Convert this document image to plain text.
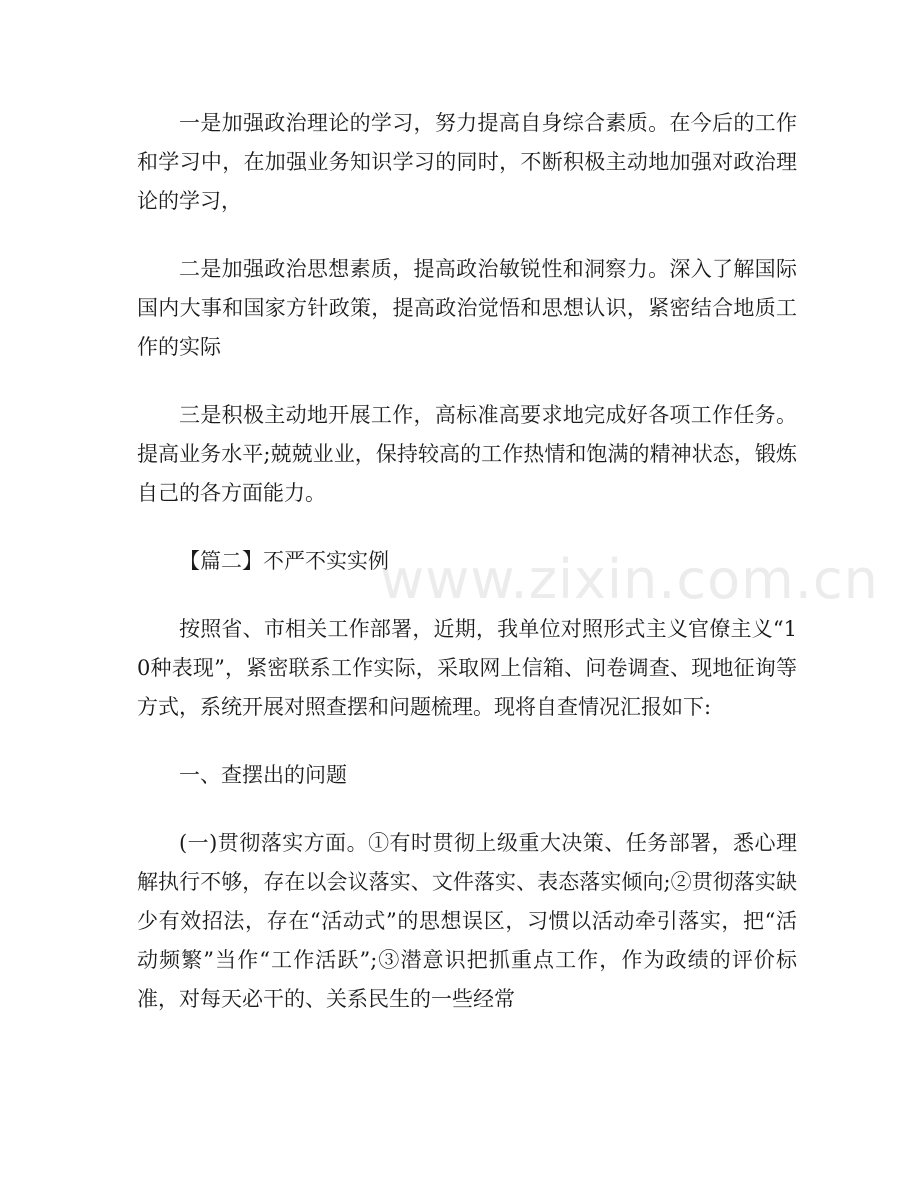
一是加强政治理论的学习，努力提高自身综合素质。在今后的工作和学习中，在加强业务知识学习的同时，不断积极主动地加强对政治理论的学习，

二是加强政治思想素质，提高政治敏锐性和洞察力。深入了解国际国内大事和国家方针政策，提高政治觉悟和思想认识，紧密结合地质工作的实际

三是积极主动地开展工作，高标准高要求地完成好各项工作任务。提高业务水平;兢兢业业，保持较高的工作热情和饱满的精神状态，锻炼自己的各方面能力。

【篇二】不严不实实例

按照省、市相关工作部署，近期，我单位对照形式主义官僚主义“10种表现”，紧密联系工作实际，采取网上信箱、问卷调查、现地征询等方式，系统开展对照查摆和问题梳理。现将自查情况汇报如下:

一、查摆出的问题

(一)贯彻落实方面。①有时贯彻上级重大决策、任务部署，悉心理解执行不够，存在以会议落实、文件落实、表态落实倾向;②贯彻落实缺少有效招法，存在“活动式”的思想误区，习惯以活动牵引落实，把“活动频繁”当作“工作活跃”;③潜意识把抓重点工作，作为政绩的评价标准，对每天必干的、关系民生的一些经常

www.zixin.com.cn
